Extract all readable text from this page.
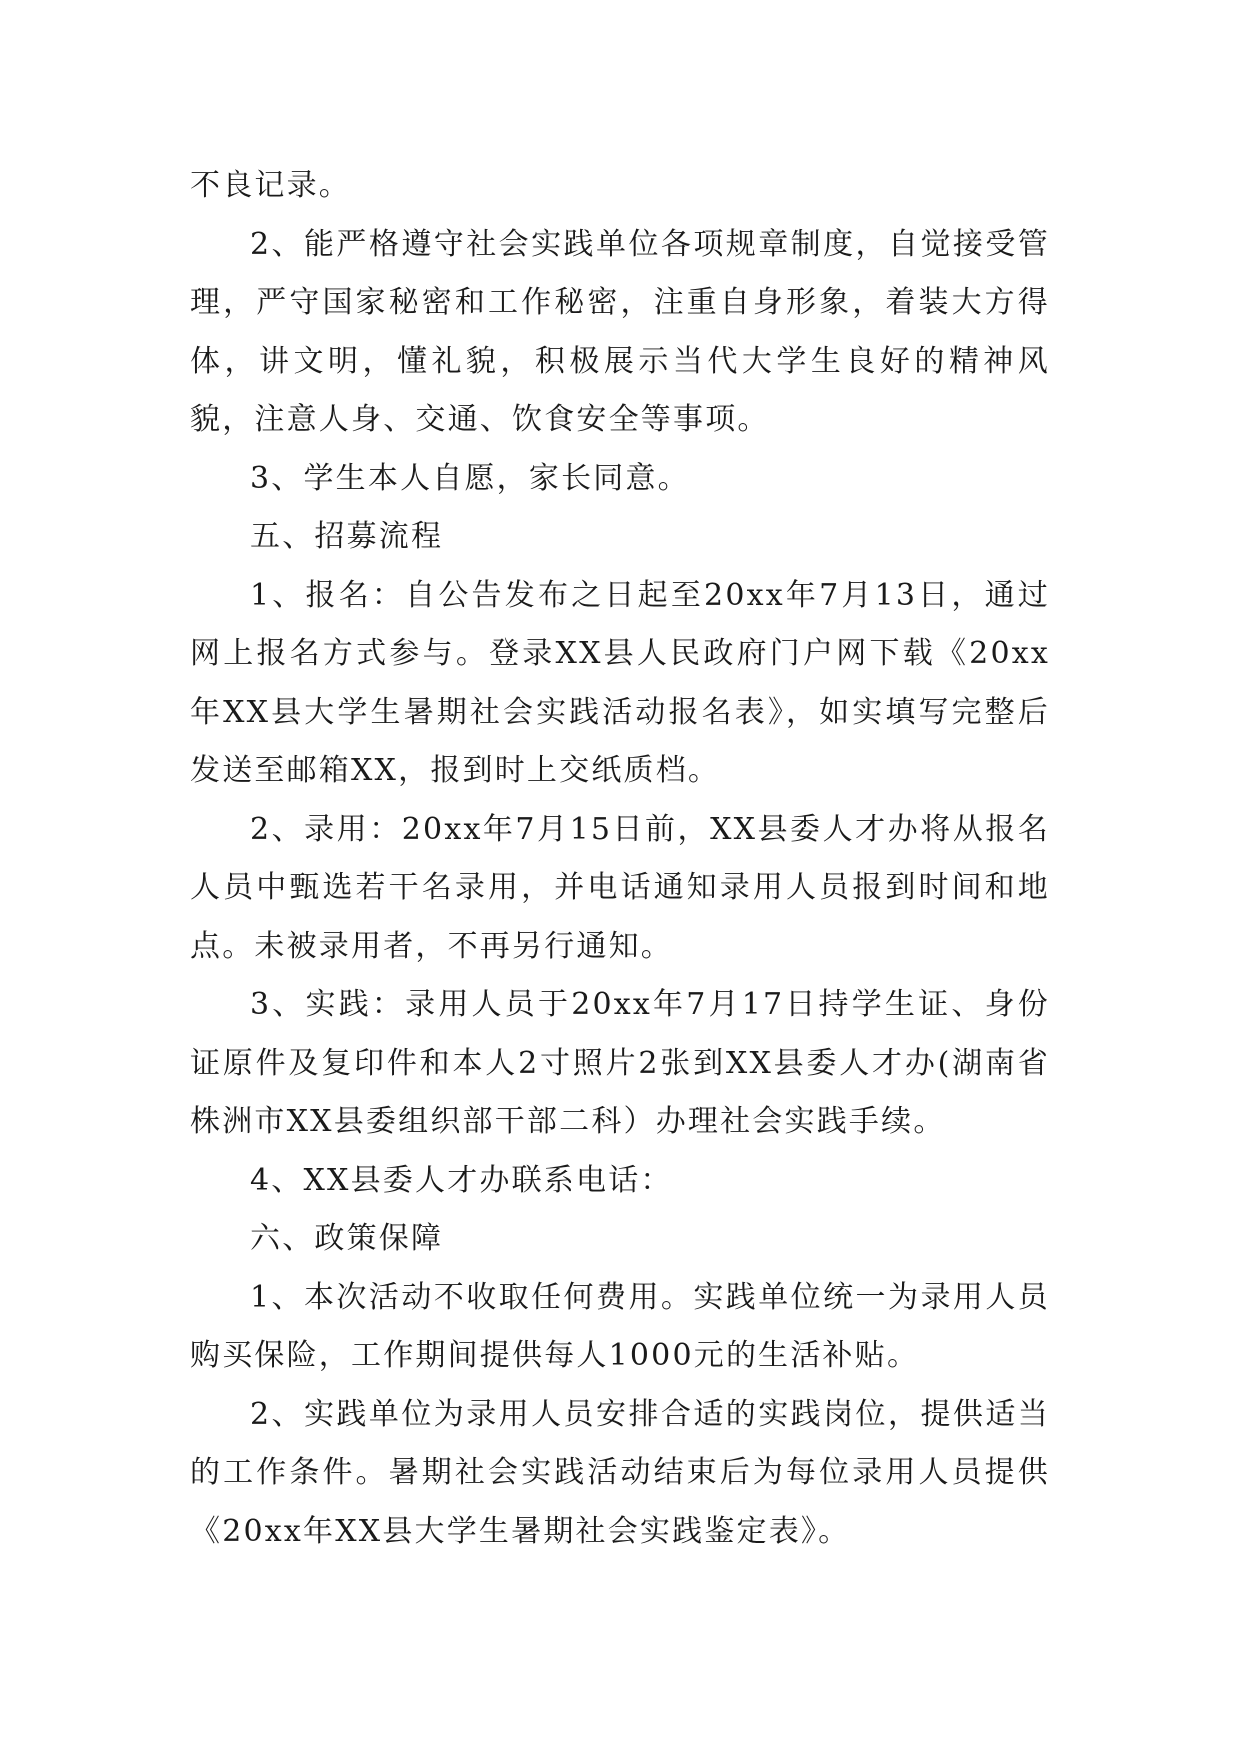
不良记录。

2、能严格遵守社会实践单位各项规章制度，自觉接受管理，严守国家秘密和工作秘密，注重自身形象，着装大方得体，讲文明，懂礼貌，积极展示当代大学生良好的精神风貌，注意人身、交通、饮食安全等事项。

3、学生本人自愿，家长同意。

五、招募流程

1、报名：自公告发布之日起至20xx年7月13日，通过网上报名方式参与。登录XX县人民政府门户网下载《20xx年XX县大学生暑期社会实践活动报名表》，如实填写完整后发送至邮箱XX，报到时上交纸质档。

2、录用：20xx年7月15日前，XX县委人才办将从报名人员中甄选若干名录用，并电话通知录用人员报到时间和地点。未被录用者，不再另行通知。

3、实践：录用人员于20xx年7月17日持学生证、身份证原件及复印件和本人2寸照片2张到XX县委人才办(湖南省株洲市XX县委组织部干部二科）办理社会实践手续。

4、XX县委人才办联系电话：

六、政策保障

1、本次活动不收取任何费用。实践单位统一为录用人员购买保险，工作期间提供每人1000元的生活补贴。

2、实践单位为录用人员安排合适的实践岗位，提供适当的工作条件。暑期社会实践活动结束后为每位录用人员提供《20xx年XX县大学生暑期社会实践鉴定表》。
